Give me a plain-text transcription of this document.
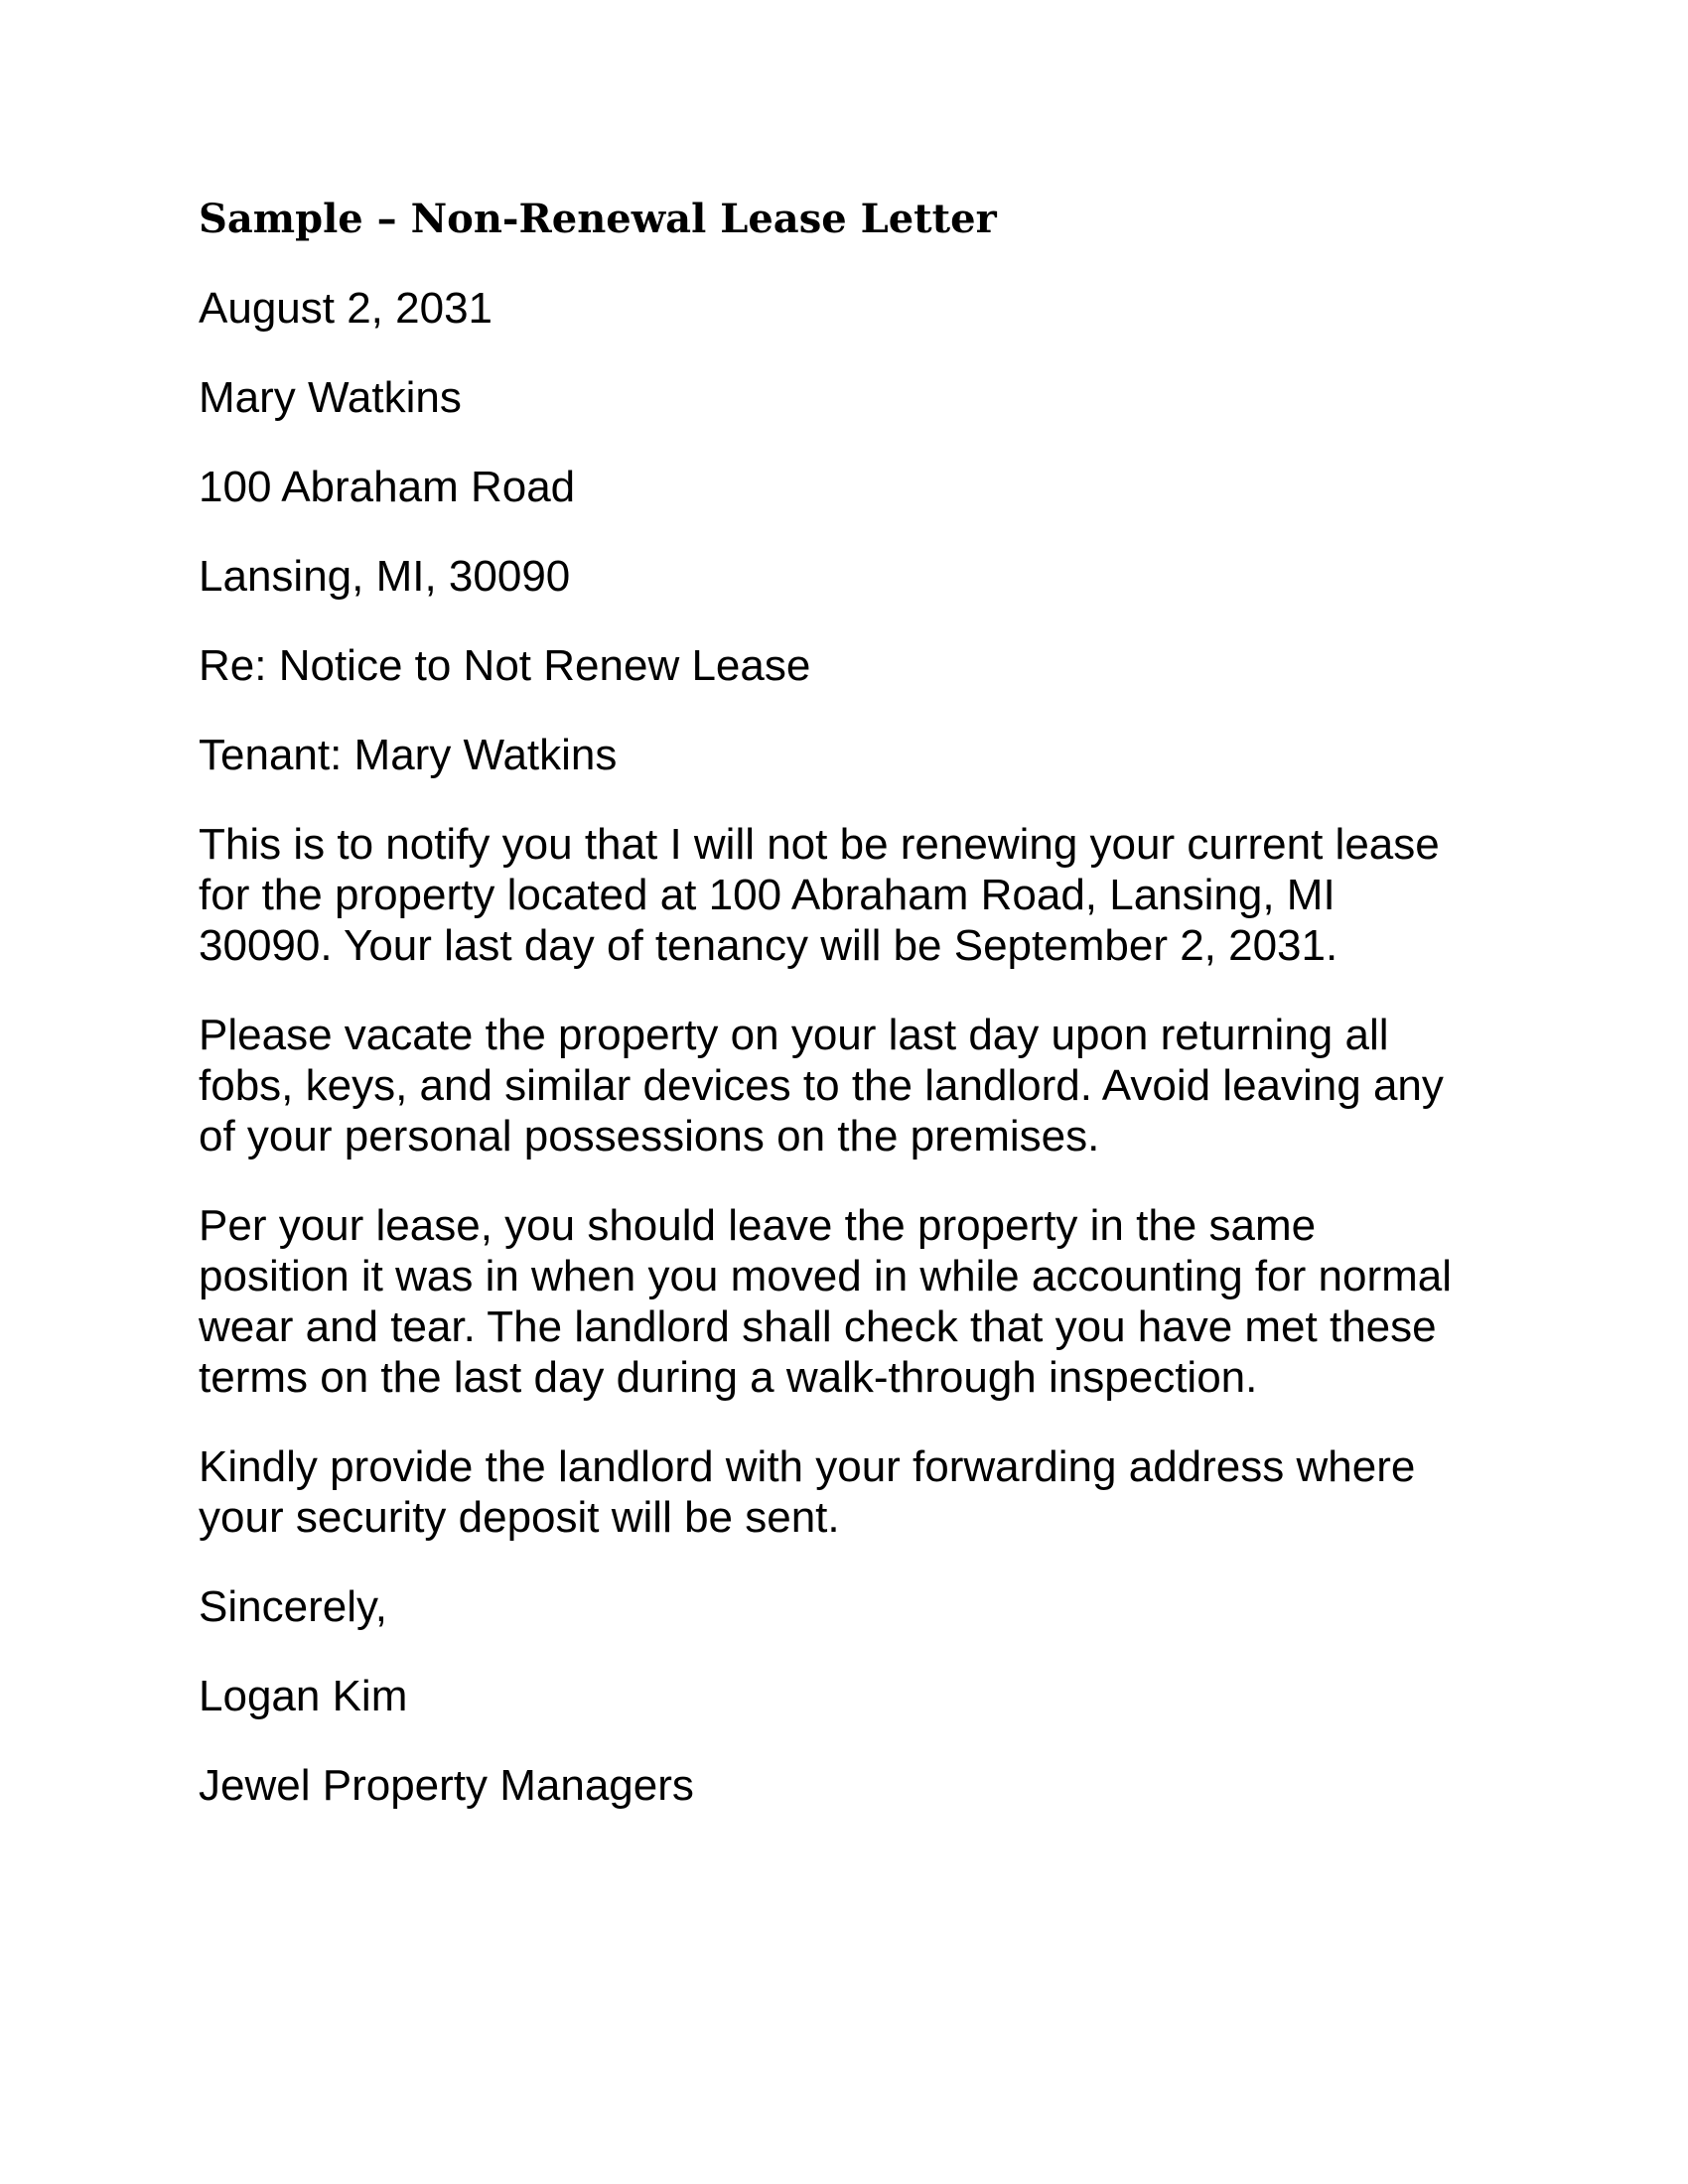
Sample – Non-Renewal Lease Letter
August 2, 2031
Mary Watkins
100 Abraham Road
Lansing, MI, 30090
Re: Notice to Not Renew Lease
Tenant: Mary Watkins
This is to notify you that I will not be renewing your current lease
for the property located at 100 Abraham Road, Lansing, MI
30090. Your last day of tenancy will be September 2, 2031.
Please vacate the property on your last day upon returning all
fobs, keys, and similar devices to the landlord. Avoid leaving any
of your personal possessions on the premises.
Per your lease, you should leave the property in the same
position it was in when you moved in while accounting for normal
wear and tear. The landlord shall check that you have met these
terms on the last day during a walk-through inspection.
Kindly provide the landlord with your forwarding address where
your security deposit will be sent.
Sincerely,
Logan Kim
Jewel Property Managers
